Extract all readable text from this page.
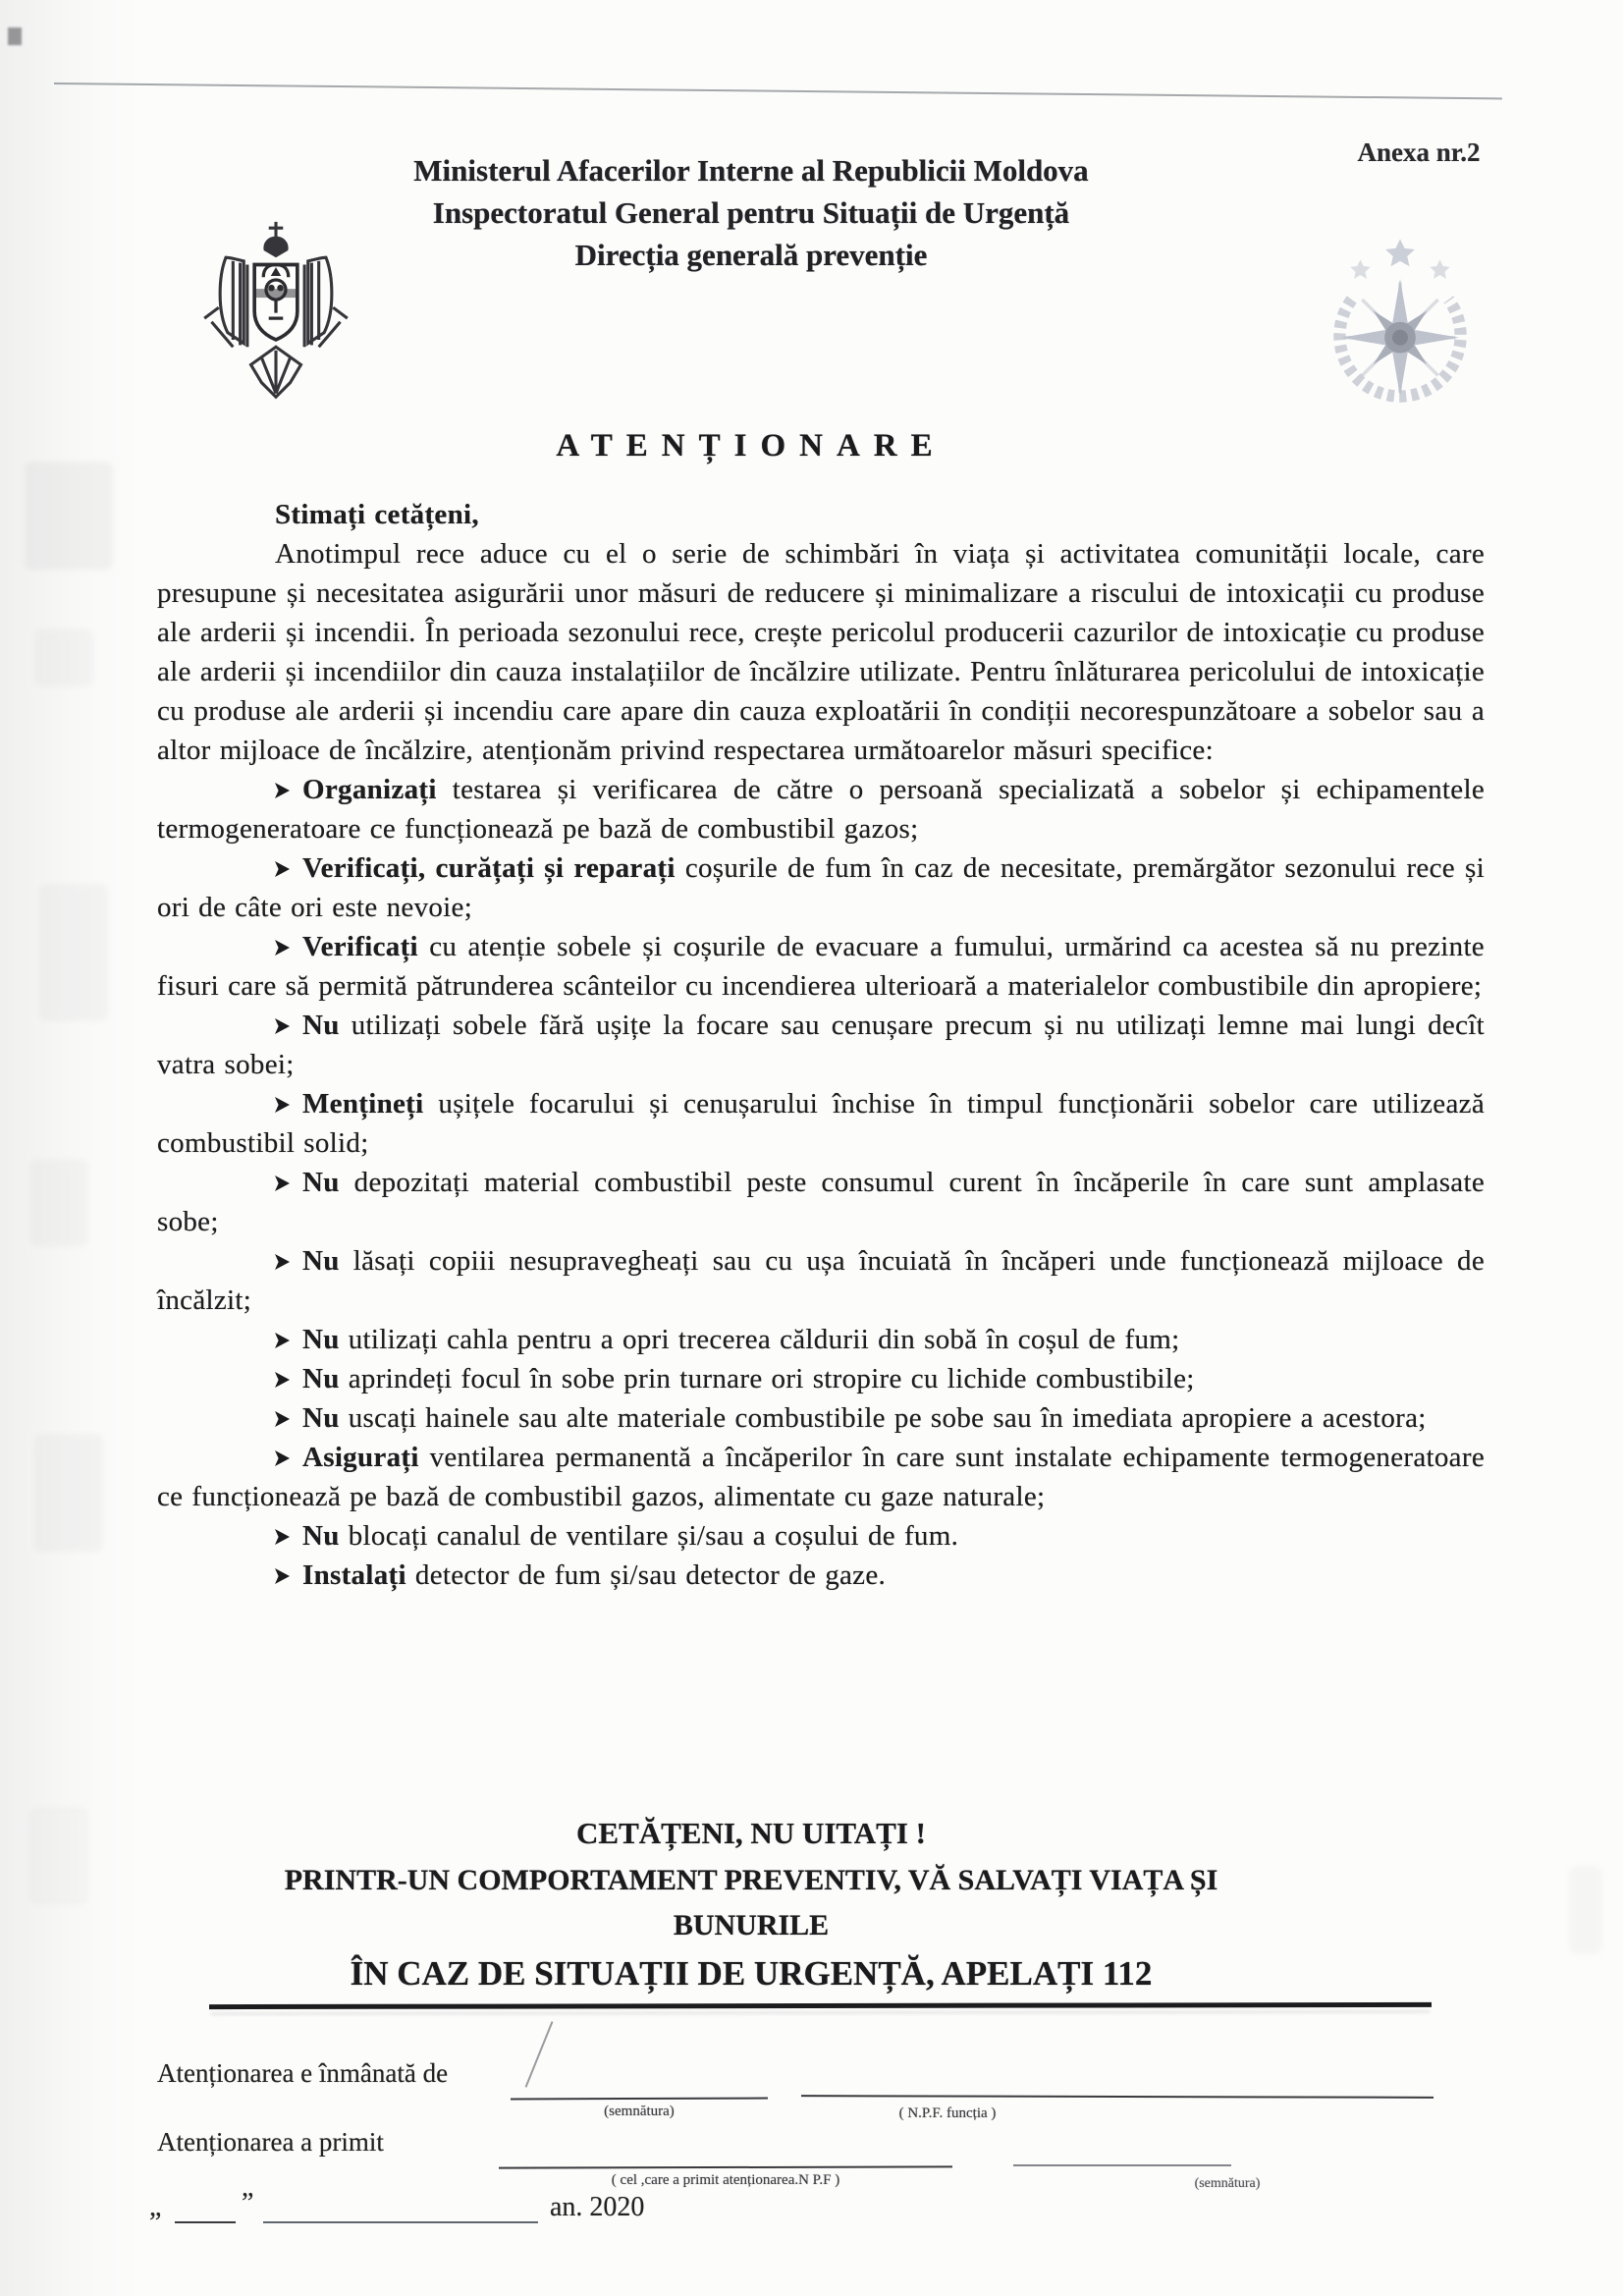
Ministerul Afacerilor Interne al Republicii Moldova
Inspectoratul General pentru Situații de Urgență
Direcția generală prevenție
Anexa nr.2
ATENȚIONARE

Stimați cetățeni,

Anotimpul rece aduce cu el o serie de schimbări în viața și activitatea comunității locale, care presupune și necesitatea asigurării unor măsuri de reducere și minimalizare a riscului de intoxicații cu produse ale arderii și incendii. În perioada sezonului rece, crește pericolul producerii cazurilor de intoxicație cu produse ale arderii și incendiilor din cauza instalațiilor de încălzire utilizate. Pentru înlăturarea pericolului de intoxicație cu produse ale arderii și incendiu care apare din cauza exploatării în condiții necorespunzătoare a sobelor sau a altor mijloace de încălzire, atenționăm privind respectarea următoarelor măsuri specifice:

Organizați testarea și verificarea de către o persoană specializată a sobelor și echipamentele termogeneratoare ce funcționează pe bază de combustibil gazos;

Verificați, curățați și reparați coșurile de fum în caz de necesitate, premărgător sezonului rece și ori de câte ori este nevoie;

Verificați cu atenție sobele și coșurile de evacuare a fumului, urmărind ca acestea să nu prezinte fisuri care să permită pătrunderea scânteilor cu incendierea ulterioară a materialelor combustibile din apropiere;

Nu utilizați sobele fără ușițe la focare sau cenușare precum și nu utilizați lemne mai lungi decît vatra sobei;

Mențineți ușițele focarului și cenușarului închise în timpul funcționării sobelor care utilizează combustibil solid;

Nu depozitați material combustibil peste consumul curent în încăperile în care sunt amplasate sobe;

Nu lăsați copiii nesupravegheați sau cu ușa încuiată în încăperi unde funcționează mijloace de încălzit;

Nu utilizați cahla pentru a opri trecerea căldurii din sobă în coșul de fum;

Nu aprindeți focul în sobe prin turnare ori stropire cu lichide combustibile;

Nu uscați hainele sau alte materiale combustibile pe sobe sau în imediata apropiere a acestora;

Asigurați ventilarea permanentă a încăperilor în care sunt instalate echipamente termogeneratoare ce funcționează pe bază de combustibil gazos, alimentate cu gaze naturale;

Nu blocați canalul de ventilare și/sau a coșului de fum.

Instalați detector de fum și/sau detector de gaze.

CETĂȚENI, NU UITAȚI !
PRINTR-UN COMPORTAMENT PREVENTIV, VĂ SALVAȚI VIAȚA ȘI
BUNURILE
ÎN CAZ DE SITUAȚII DE URGENȚĂ, APELAȚI 112
Atenționarea e înmânată de
(semnătura)	( N.P.F. funcția )
Atenționarea a primit
( cel ,care a primit atenționarea.N P.F )	(semnătura)
„	”	an. 2020
